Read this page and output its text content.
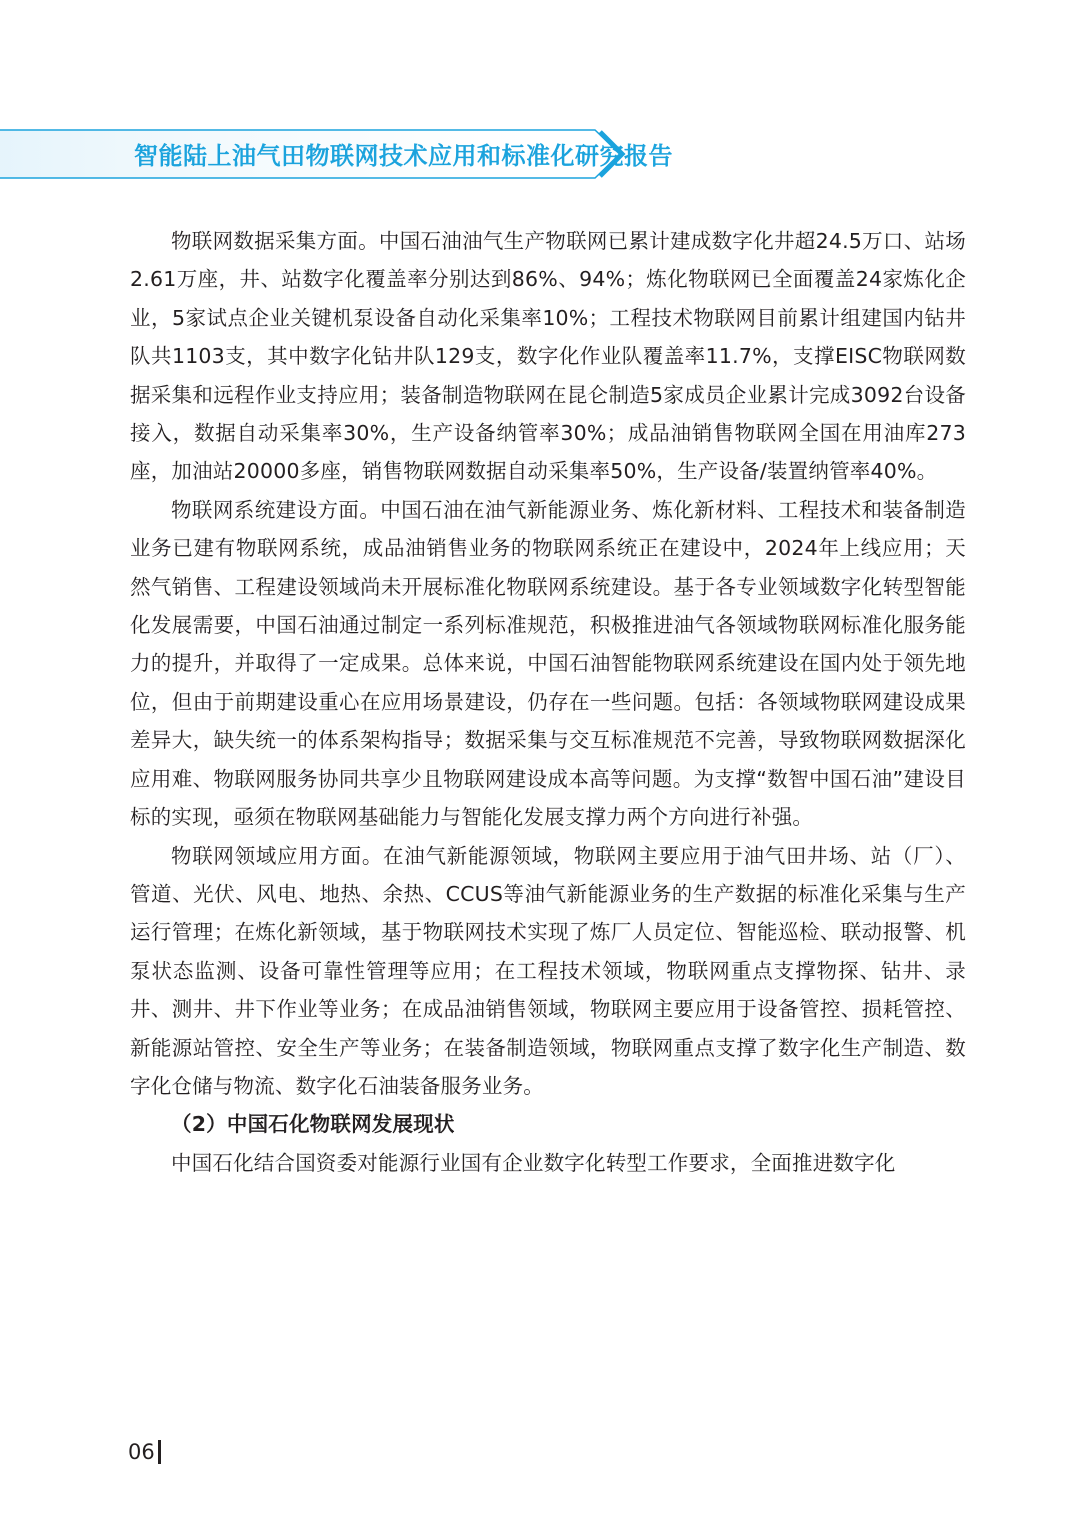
智能陆上油气田物联网技术应用和标准化研究报告

物联网数据采集方面。中国石油油气生产物联网已累计建成数字化井超24.5万口、站场2.61万座，井、站数字化覆盖率分别达到86%、94%；炼化物联网已全面覆盖24家炼化企业，5家试点企业关键机泵设备自动化采集率10%；工程技术物联网目前累计组建国内钻井队共1103支，其中数字化钻井队129支，数字化作业队覆盖率11.7%，支撑EISC物联网数据采集和远程作业支持应用；装备制造物联网在昆仑制造5家成员企业累计完成3092台设备接入，数据自动采集率30%，生产设备纳管率30%；成品油销售物联网全国在用油库273座，加油站20000多座，销售物联网数据自动采集率50%，生产设备/装置纳管率40%。

物联网系统建设方面。中国石油在油气新能源业务、炼化新材料、工程技术和装备制造业务已建有物联网系统，成品油销售业务的物联网系统正在建设中，2024年上线应用；天然气销售、工程建设领域尚未开展标准化物联网系统建设。基于各专业领域数字化转型智能化发展需要，中国石油通过制定一系列标准规范，积极推进油气各领域物联网标准化服务能力的提升，并取得了一定成果。总体来说，中国石油智能物联网系统建设在国内处于领先地位，但由于前期建设重心在应用场景建设，仍存在一些问题。包括：各领域物联网建设成果差异大，缺失统一的体系架构指导；数据采集与交互标准规范不完善，导致物联网数据深化应用难、物联网服务协同共享少且物联网建设成本高等问题。为支撑“数智中国石油”建设目标的实现，亟须在物联网基础能力与智能化发展支撑力两个方向进行补强。

物联网领域应用方面。在油气新能源领域，物联网主要应用于油气田井场、站（厂）、管道、光伏、风电、地热、余热、CCUS等油气新能源业务的生产数据的标准化采集与生产运行管理；在炼化新领域，基于物联网技术实现了炼厂人员定位、智能巡检、联动报警、机泵状态监测、设备可靠性管理等应用；在工程技术领域，物联网重点支撑物探、钻井、录井、测井、井下作业等业务；在成品油销售领域，物联网主要应用于设备管控、损耗管控、新能源站管控、安全生产等业务；在装备制造领域，物联网重点支撑了数字化生产制造、数字化仓储与物流、数字化石油装备服务业务。

（2）中国石化物联网发展现状

中国石化结合国资委对能源行业国有企业数字化转型工作要求，全面推进数字化

06
